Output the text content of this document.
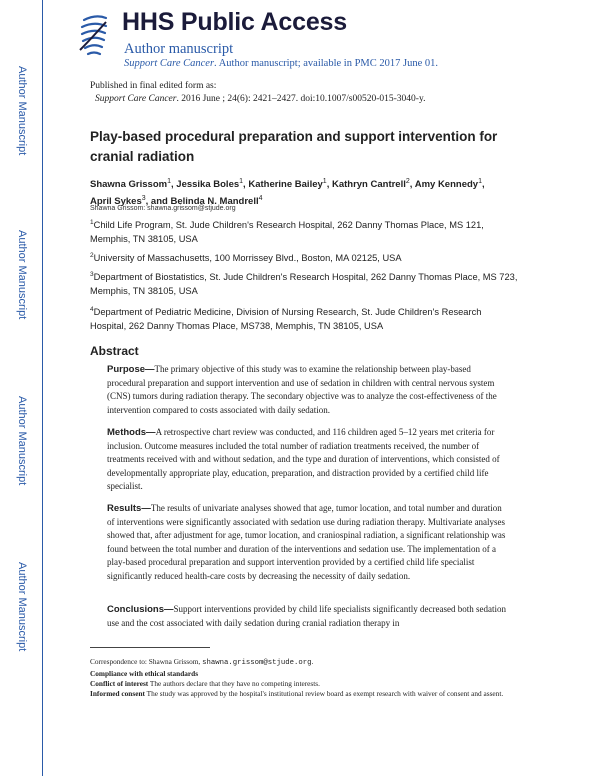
HHS Public Access
Author manuscript
Support Care Cancer. Author manuscript; available in PMC 2017 June 01.
Author Manuscript
Author Manuscript
Author Manuscript
Author Manuscript
Published in final edited form as:
Support Care Cancer. 2016 June ; 24(6): 2421–2427. doi:10.1007/s00520-015-3040-y.
Play-based procedural preparation and support intervention for cranial radiation
Shawna Grissom$^1$, Jessika Boles$^1$, Katherine Bailey$^1$, Kathryn Cantrell$^2$, Amy Kennedy$^1$,
April Sykes$^3$, and Belinda N. Mandrell$^4$
Shawna Grissom: shawna.grissom@stjude.org
$^1$Child Life Program, St. Jude Children's Research Hospital, 262 Danny Thomas Place, MS 121, Memphis, TN 38105, USA
$^2$University of Massachusetts, 100 Morrissey Blvd., Boston, MA 02125, USA
$^3$Department of Biostatistics, St. Jude Children's Research Hospital, 262 Danny Thomas Place, MS 723, Memphis, TN 38105, USA
$^4$Department of Pediatric Medicine, Division of Nursing Research, St. Jude Children's Research Hospital, 262 Danny Thomas Place, MS738, Memphis, TN 38105, USA
Abstract
Purpose—The primary objective of this study was to examine the relationship between play-based procedural preparation and support intervention and use of sedation in children with central nervous system (CNS) tumors during radiation therapy. The secondary objective was to analyze the cost-effectiveness of the intervention compared to costs associated with daily sedation.
Methods—A retrospective chart review was conducted, and 116 children aged 5–12 years met criteria for inclusion. Outcome measures included the total number of radiation treatments received, the number of treatments received with and without sedation, and the type and duration of interventions, which consisted of developmentally appropriate play, education, preparation, and distraction provided by a certified child life specialist.
Results—The results of univariate analyses showed that age, tumor location, and total number and duration of interventions were significantly associated with sedation use during radiation therapy. Multivariate analyses showed that, after adjustment for age, tumor location, and craniospinal radiation, a significant relationship was found between the total number and duration of the interventions and sedation use. The implementation of a play-based procedural preparation and support intervention provided by a certified child life specialist significantly reduced health-care costs by decreasing the necessity of daily sedation.
Conclusions—Support interventions provided by child life specialists significantly decreased both sedation use and the cost associated with daily sedation during cranial radiation therapy in
Correspondence to: Shawna Grissom, shawna.grissom@stjude.org.
Compliance with ethical standards
Conflict of interest The authors declare that they have no competing interests.
Informed consent The study was approved by the hospital's institutional review board as exempt research with waiver of consent and assent.
